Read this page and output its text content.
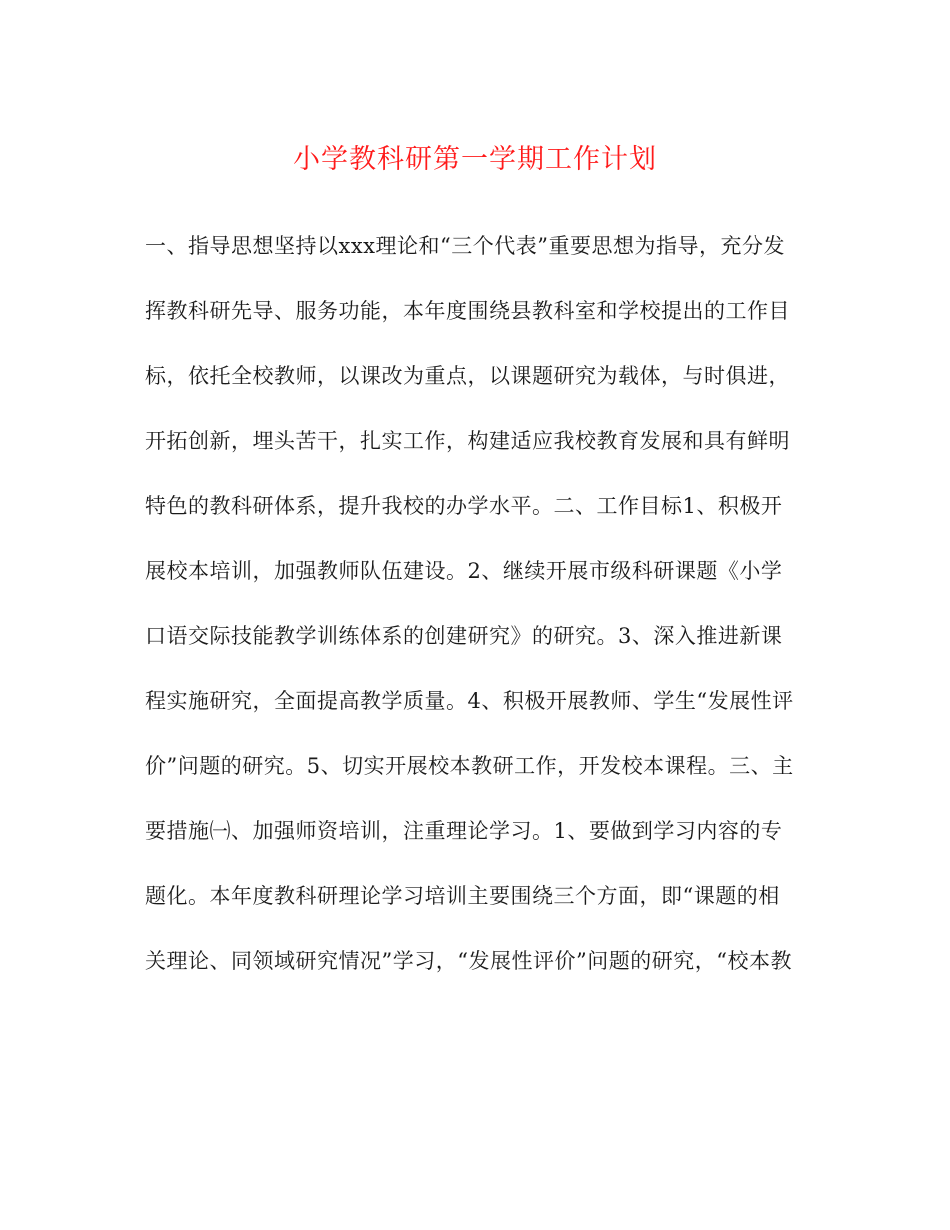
小学教科研第一学期工作计划
一、指导思想坚持以xxx理论和“三个代表”重要思想为指导，充分发
挥教科研先导、服务功能，本年度围绕县教科室和学校提出的工作目
标，依托全校教师，以课改为重点，以课题研究为载体，与时俱进，
开拓创新，埋头苦干，扎实工作，构建适应我校教育发展和具有鲜明
特色的教科研体系，提升我校的办学水平。二、工作目标1、积极开
展校本培训，加强教师队伍建设。2、继续开展市级科研课题《小学
口语交际技能教学训练体系的创建研究》的研究。3、深入推进新课
程实施研究，全面提高教学质量。4、积极开展教师、学生“发展性评
价”问题的研究。5、切实开展校本教研工作，开发校本课程。三、主
要措施㈠、加强师资培训，注重理论学习。1、要做到学习内容的专
题化。本年度教科研理论学习培训主要围绕三个方面，即“课题的相
关理论、同领域研究情况”学习，“发展性评价”问题的研究，“校本教
